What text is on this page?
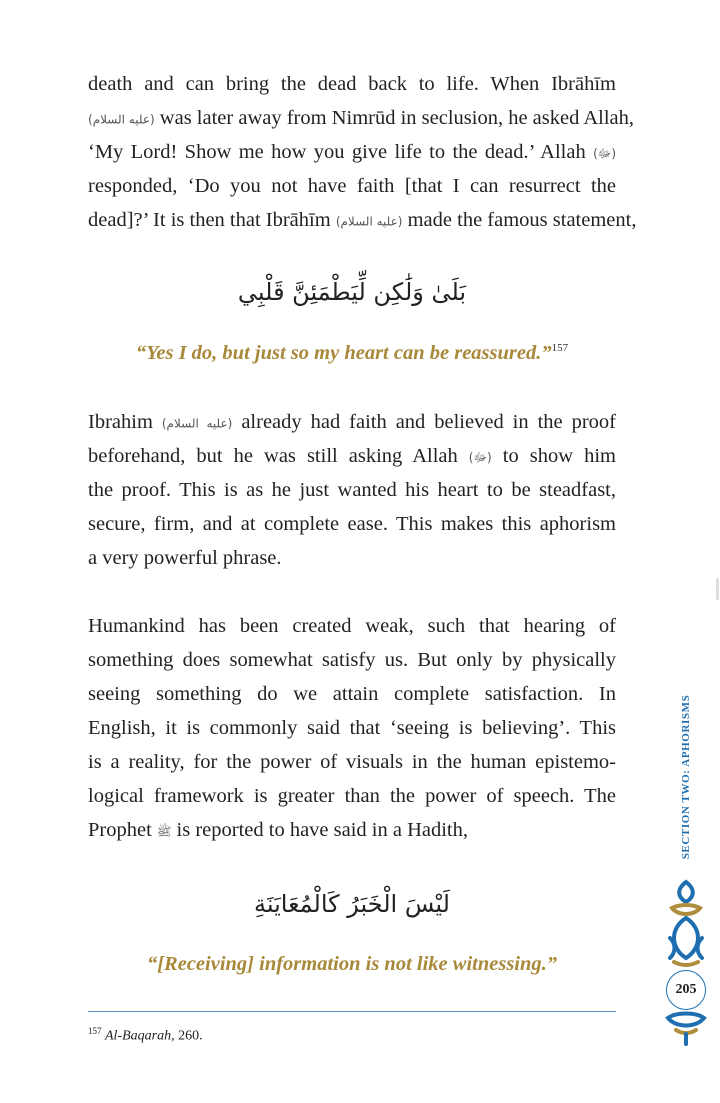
death and can bring the dead back to life. When Ibrāhīm
(عليه السلام) was later away from Nimrūd in seclusion, he asked Allah,
‘My Lord! Show me how you give life to the dead.’ Allah (ﷻ)
responded, ‘Do you not have faith [that I can resurrect the
dead]?’ It is then that Ibrāhīm (عليه السلام) made the famous statement,
بَلَىٰ وَلَٰكِن لِّيَطْمَئِنَّ قَلْبِي
“Yes I do, but just so my heart can be reassured.”$^{157}$
Ibrahim (عليه السلام) already had faith and believed in the proof
beforehand, but he was still asking Allah (ﷻ) to show him
the proof. This is as he just wanted his heart to be steadfast,
secure, firm, and at complete ease. This makes this aphorism
a very powerful phrase.
Humankind has been created weak, such that hearing of
something does somewhat satisfy us. But only by physically
seeing something do we attain complete satisfaction. In
English, it is commonly said that ‘seeing is believing’. This
is a reality, for the power of visuals in the human epistemo-
logical framework is greater than the power of speech. The
Prophet ﷺ is reported to have said in a Hadith,
لَيْسَ الْخَبَرُ كَالْمُعَايَنَةِ
“[Receiving] information is not like witnessing.”
$^{157}$ Al-Baqarah, 260.
SECTION TWO: APHORISMS
205
